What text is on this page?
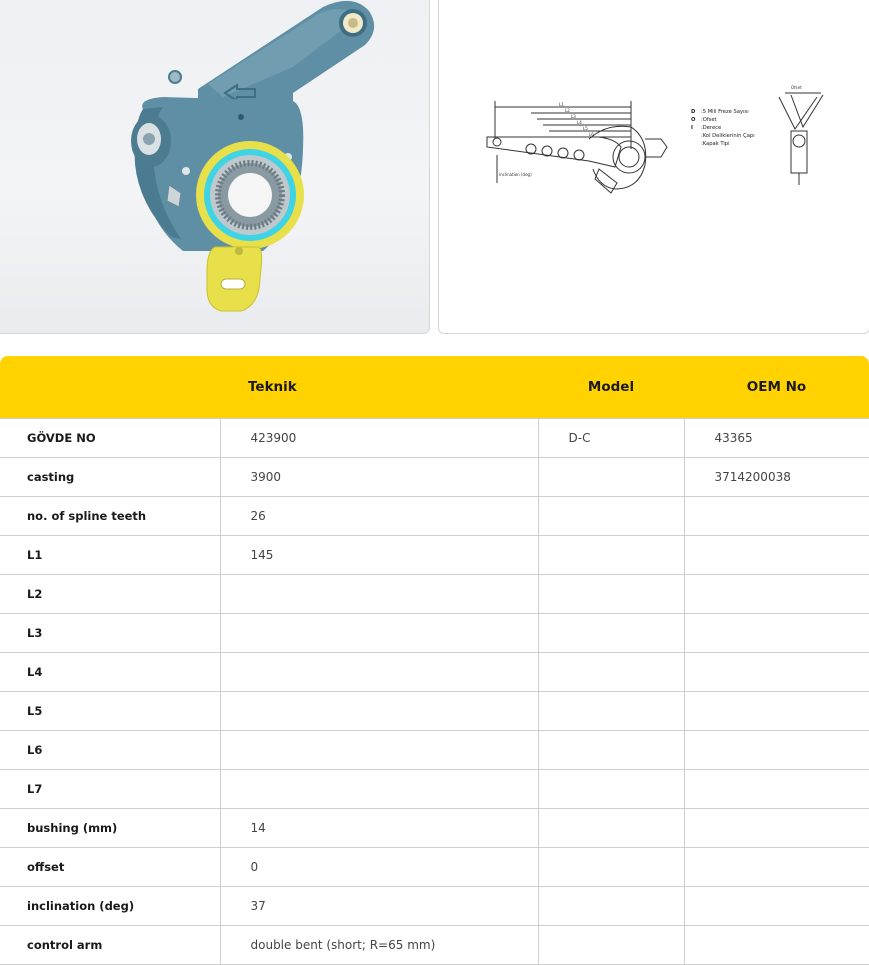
L1
L2
L3
L4
L5
L6
inclination (deg)
Ofset
D :5 Mili Freze Sayısı
O :Ofset
I :Derece
:Kol Deliklerinin Çapı
:Kapak Tipi
	Teknik	Model	OEM No
GÖVDE NO	423900	D-C	43365
casting	3900		3714200038
no. of spline teeth	26		
L1	145		
L2			
L3			
L4			
L5			
L6			
L7			
bushing (mm)	14		
offset	0		
inclination (deg)	37		
control arm	double bent (short; R=65 mm)		
